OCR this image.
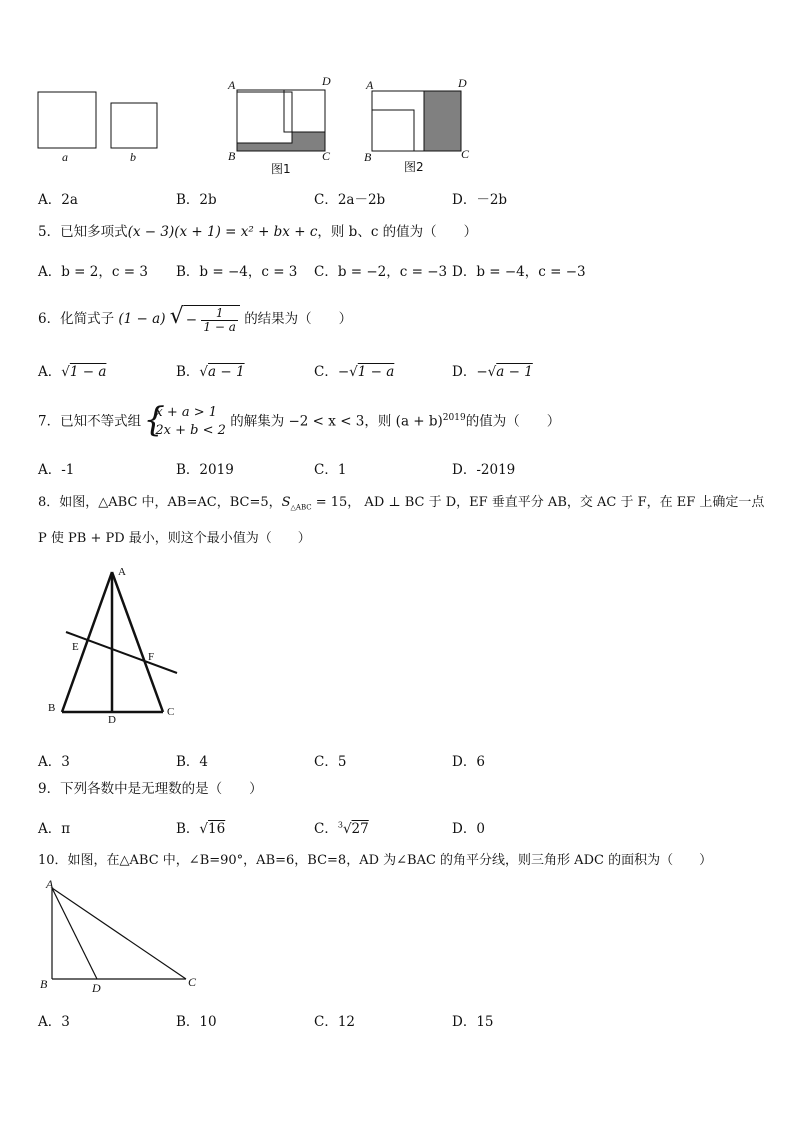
a	b
A	D
B	C
图1
A	D
B	C
图2
A．2a	B．2b	C．2a－2b	D．－2b
5．已知多项式(x − 3)(x + 1) = x² + bx + c，则 b、c 的值为（　　）
A．b = 2，c = 3 B．b = −4，c = 3 C．b = −2，c = −3 D．b = −4，c = −3
6．化简式子 (1 − a) √ − $\frac{1}{1 - a}$ 的结果为（　　）
A．√1 − a	B．√a − 1	C．−√1 − a	D．−√a − 1
7．已知不等式组 {
x + a > 1
2x + b < 2
的解集为 −2 < x < 3，则 $(a + b)^{2019}$的值为（　　）
A．-1	B．2019	C．1	D．-2019
8．如图，△ABC 中，AB=AC，BC=5，$S_{\triangle ABC} = 15$， AD ⊥ BC 于 D，EF 垂直平分 AB，交 AC 于 F，在 EF 上确定一点
P 使 PB + PD 最小，则这个最小值为（　　）
A
E
F
B	C
D
A．3	B．4	C．5	D．6
9．下列各数中是无理数的是（　　）
A．π	B．√16	C．$^3$√27	D．0
10．如图，在△ABC 中，∠B=90°，AB=6，BC=8，AD 为∠BAC 的角平分线，则三角形 ADC 的面积为（　　）
A
B	D	C
A．3	B．10	C．12	D．15
